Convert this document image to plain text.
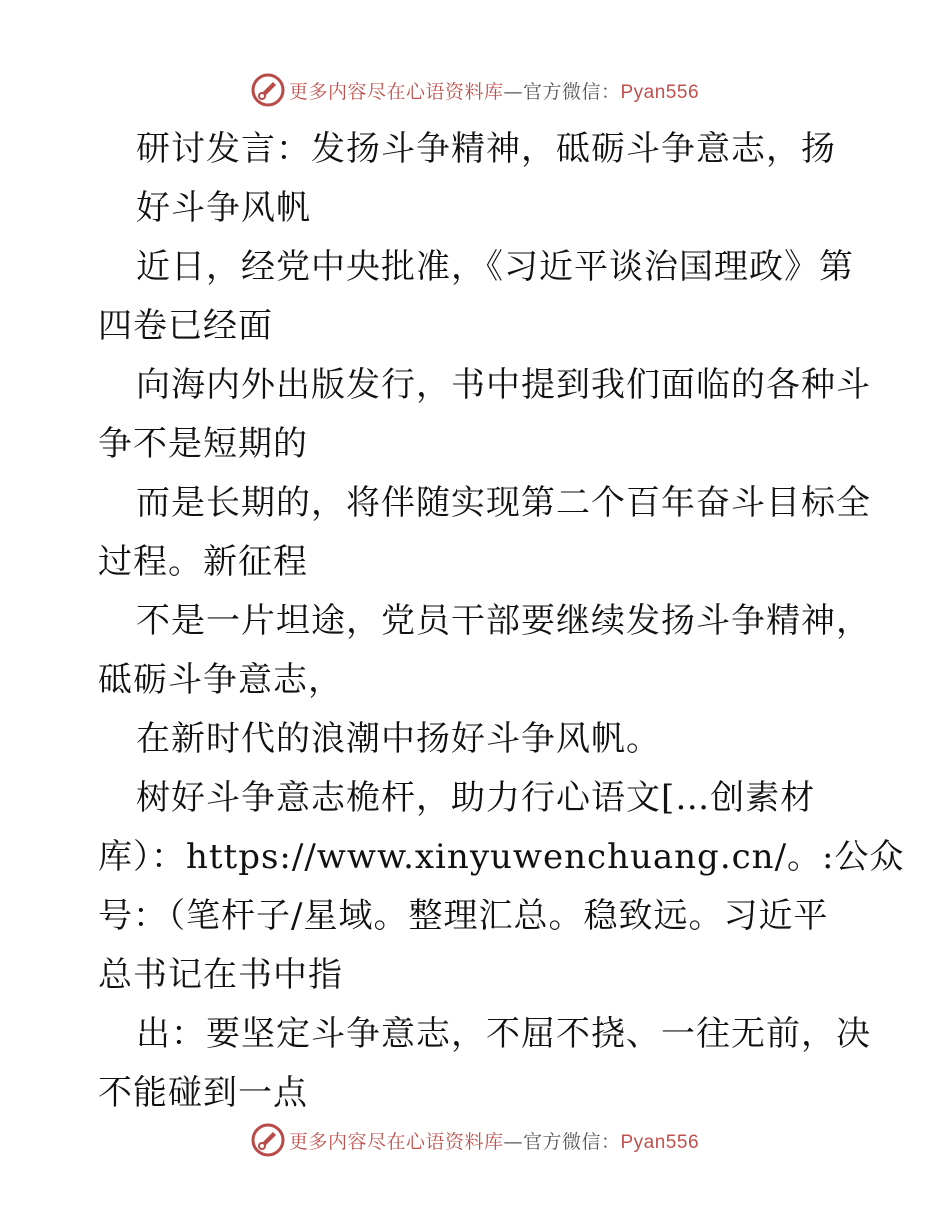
更多内容尽在心语资料库—官方微信：Pyan556

研讨发言：发扬斗争精神，砥砺斗争意志，扬
好斗争风帆

近日，经党中央批准，《习近平谈治国理政》第
四卷已经面

向海内外出版发行，书中提到我们面临的各种斗
争不是短期的

而是长期的，将伴随实现第二个百年奋斗目标全
过程。新征程

不是一片坦途，党员干部要继续发扬斗争精神，
砥砺斗争意志，

在新时代的浪潮中扬好斗争风帆。

树好斗争意志桅杆，助力行心语文[…创素材
库）：https://www.xinyuwenchuang.cn/。:公众
号：（笔杆子/星域。整理汇总。稳致远。习近平
总书记在书中指

出：要坚定斗争意志，不屈不挠、一往无前，决
不能碰到一点

更多内容尽在心语资料库—官方微信：Pyan556
